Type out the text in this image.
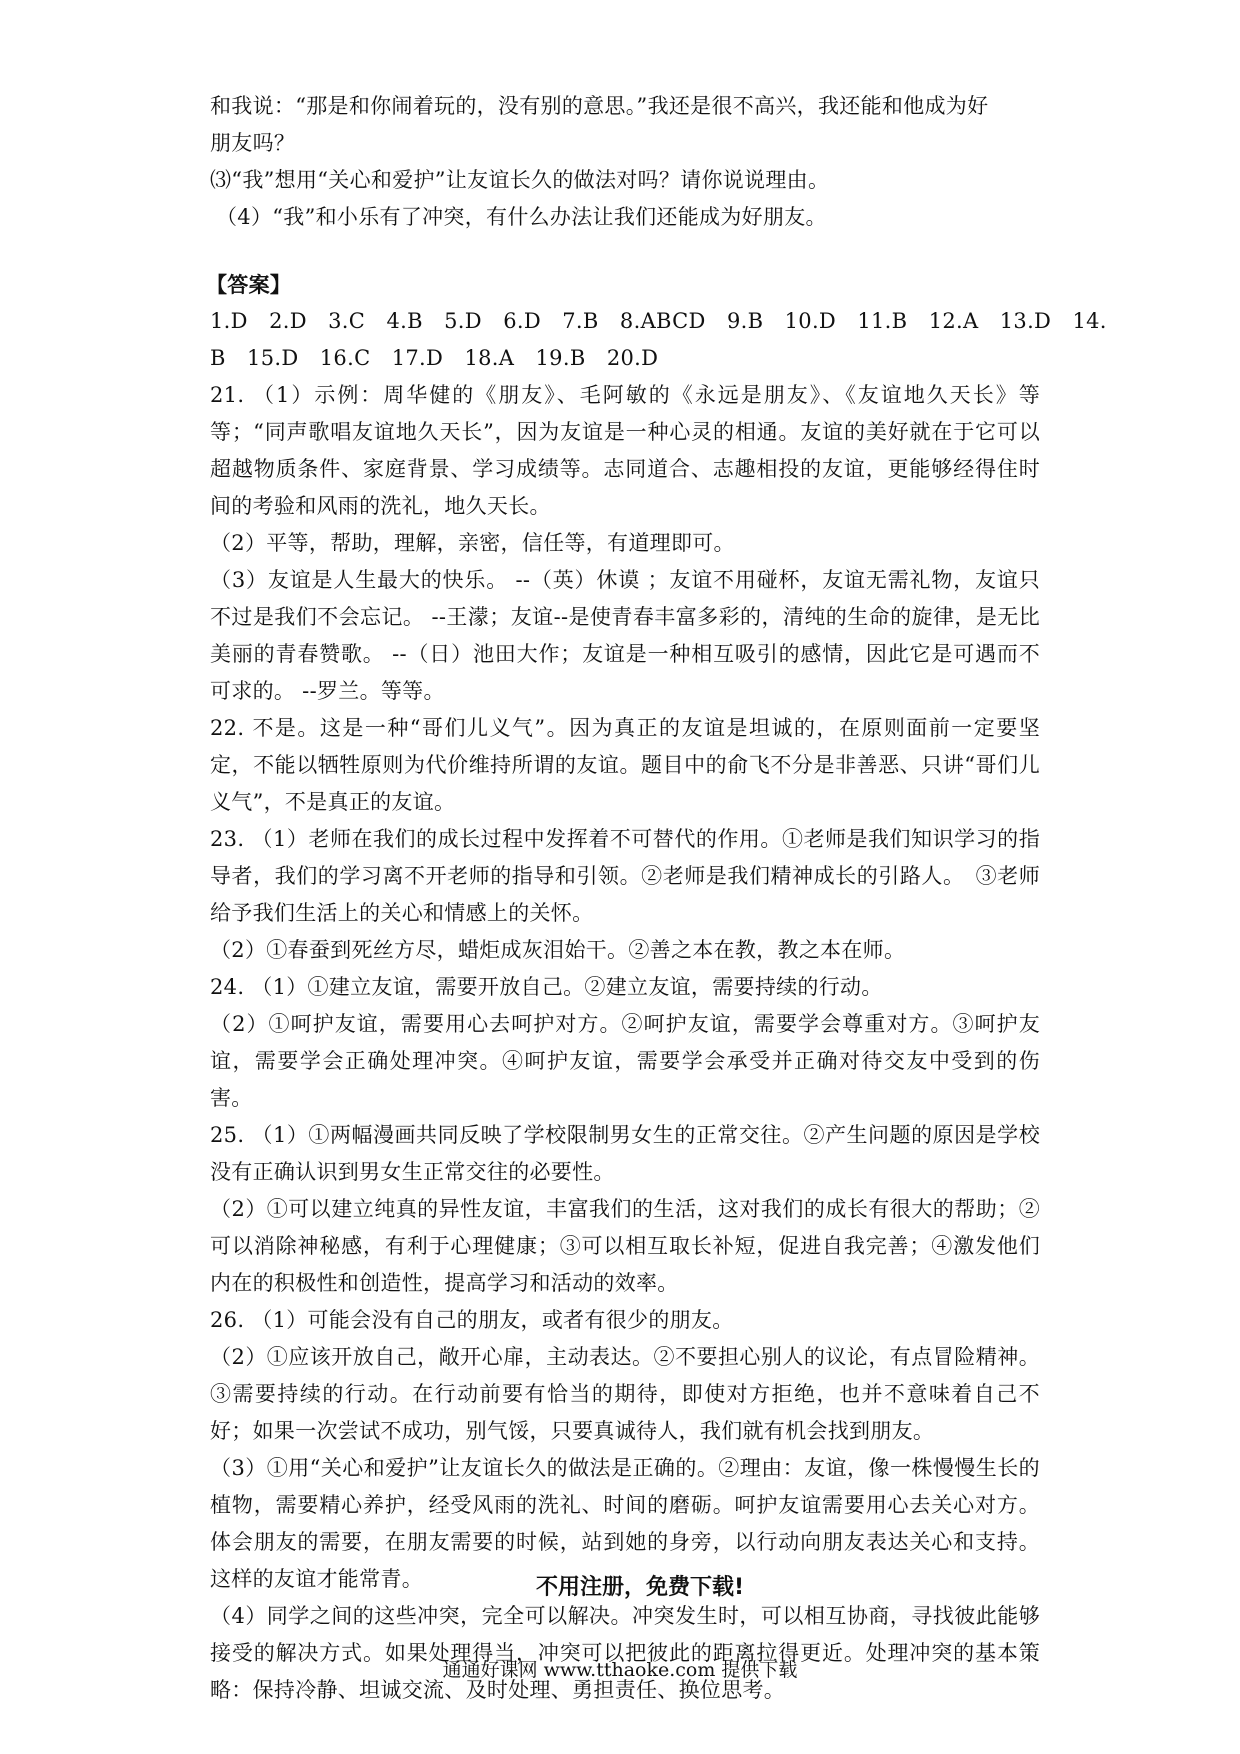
和我说：“那是和你闹着玩的，没有别的意思。”我还是很不高兴，我还能和他成为好
朋友吗？
⑶“我”想用“关心和爱护”让友谊长久的做法对吗？请你说说理由。
（4）“我”和小乐有了冲突，有什么办法让我们还能成为好朋友。
【答案】
1.D　2.D　3.C　4.B　5.D　6.D　7.B　8.ABCD　9.B　10.D　11.B　12.A　13.D　14.
B　15.D　16.C　17.D　18.A　19.B　20.D
21. （1）示例：周华健的《朋友》、毛阿敏的《永远是朋友》、《友谊地久天长》等等；“同声歌唱友谊地久天长”，因为友谊是一种心灵的相通。友谊的美好就在于它可以超越物质条件、家庭背景、学习成绩等。志同道合、志趣相投的友谊，更能够经得住时间的考验和风雨的洗礼，地久天长。
（2）平等，帮助，理解，亲密，信任等，有道理即可。
（3）友谊是人生最大的快乐。 --（英）休谟 ；友谊不用碰杯，友谊无需礼物，友谊只不过是我们不会忘记。 --王濛；友谊--是使青春丰富多彩的，清纯的生命的旋律，是无比美丽的青春赞歌。 --（日）池田大作；友谊是一种相互吸引的感情，因此它是可遇而不可求的。 --罗兰。等等。
22. 不是。这是一种“哥们儿义气”。因为真正的友谊是坦诚的，在原则面前一定要坚定，不能以牺牲原则为代价维持所谓的友谊。题目中的俞飞不分是非善恶、只讲“哥们儿义气”，不是真正的友谊。
23. （1）老师在我们的成长过程中发挥着不可替代的作用。①老师是我们知识学习的指导者，我们的学习离不开老师的指导和引领。②老师是我们精神成长的引路人。　③老师给予我们生活上的关心和情感上的关怀。
（2）①春蚕到死丝方尽，蜡炬成灰泪始干。②善之本在教，教之本在师。
24. （1）①建立友谊，需要开放自己。②建立友谊，需要持续的行动。
（2）①呵护友谊，需要用心去呵护对方。②呵护友谊，需要学会尊重对方。③呵护友谊，需要学会正确处理冲突。④呵护友谊，需要学会承受并正确对待交友中受到的伤害。
25. （1）①两幅漫画共同反映了学校限制男女生的正常交往。②产生问题的原因是学校没有正确认识到男女生正常交往的必要性。
（2）①可以建立纯真的异性友谊，丰富我们的生活，这对我们的成长有很大的帮助；②可以消除神秘感，有利于心理健康；③可以相互取长补短，促进自我完善；④激发他们内在的积极性和创造性，提高学习和活动的效率。
26. （1）可能会没有自己的朋友，或者有很少的朋友。
（2）①应该开放自己，敞开心扉，主动表达。②不要担心别人的议论，有点冒险精神。③需要持续的行动。在行动前要有恰当的期待，即使对方拒绝，也并不意味着自己不好；如果一次尝试不成功，别气馁，只要真诚待人，我们就有机会找到朋友。
（3）①用“关心和爱护”让友谊长久的做法是正确的。②理由：友谊，像一株慢慢生长的植物，需要精心养护，经受风雨的洗礼、时间的磨砺。呵护友谊需要用心去关心对方。体会朋友的需要，在朋友需要的时候，站到她的身旁，以行动向朋友表达关心和支持。这样的友谊才能常青。
（4）同学之间的这些冲突，完全可以解决。冲突发生时，可以相互协商，寻找彼此能够接受的解决方式。如果处理得当，冲突可以把彼此的距离拉得更近。处理冲突的基本策略：保持冷静、坦诚交流、及时处理、勇担责任、换位思考。
不用注册，免费下载!
通通好课网 www.tthaoke.com 提供下载
